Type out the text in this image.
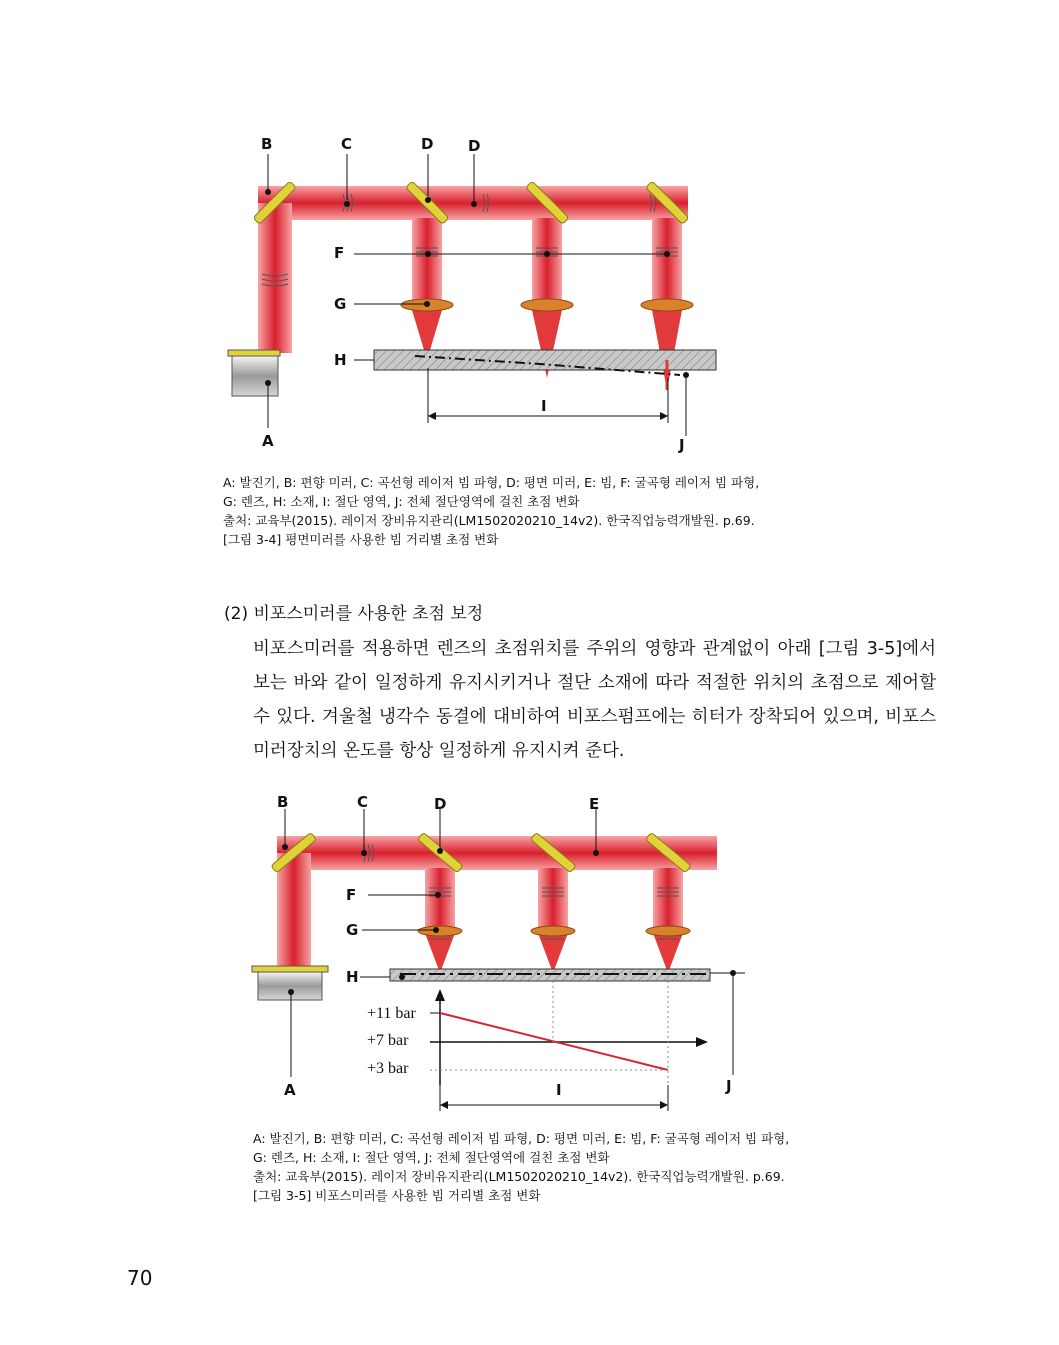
B	C	D D
F
G
H
I
A	J
A: 발진기, B: 편향 미러, C: 곡선형 레이저 빔 파형, D: 평면 미러, E: 빔, F: 굴곡형 레이저 빔 파형,
G: 렌즈, H: 소재, I: 절단 영역, J: 전체 절단영역에 걸친 초점 변화
출처: 교육부(2015). 레이저 장비유지관리(LM1502020210_14v2). 한국직업능력개발원. p.69.
[그림 3-4] 평면미러를 사용한 빔 거리별 초점 변화
(2) 비포스미러를 사용한 초점 보정
비포스미러를 적용하면 렌즈의 초점위치를 주위의 영향과 관계없이 아래 [그림 3-5]에서 보는 바와 같이 일정하게 유지시키거나 절단 소재에 따라 적절한 위치의 초점으로 제어할 수 있다. 겨울철 냉각수 동결에 대비하여 비포스펌프에는 히터가 장착되어 있으며, 비포스미러장치의 온도를 항상 일정하게 유지시켜 준다.
B	C	D	E
F
G
H
I
A	J
+11 bar
+7 bar
+3 bar
A: 발진기, B: 편향 미러, C: 곡선형 레이저 빔 파형, D: 평면 미러, E: 빔, F: 굴곡형 레이저 빔 파형,
G: 렌즈, H: 소재, I: 절단 영역, J: 전체 절단영역에 걸친 초점 변화
출처: 교육부(2015). 레이저 장비유지관리(LM1502020210_14v2). 한국직업능력개발원. p.69.
[그림 3-5] 비포스미러를 사용한 빔 거리별 초점 변화
70
